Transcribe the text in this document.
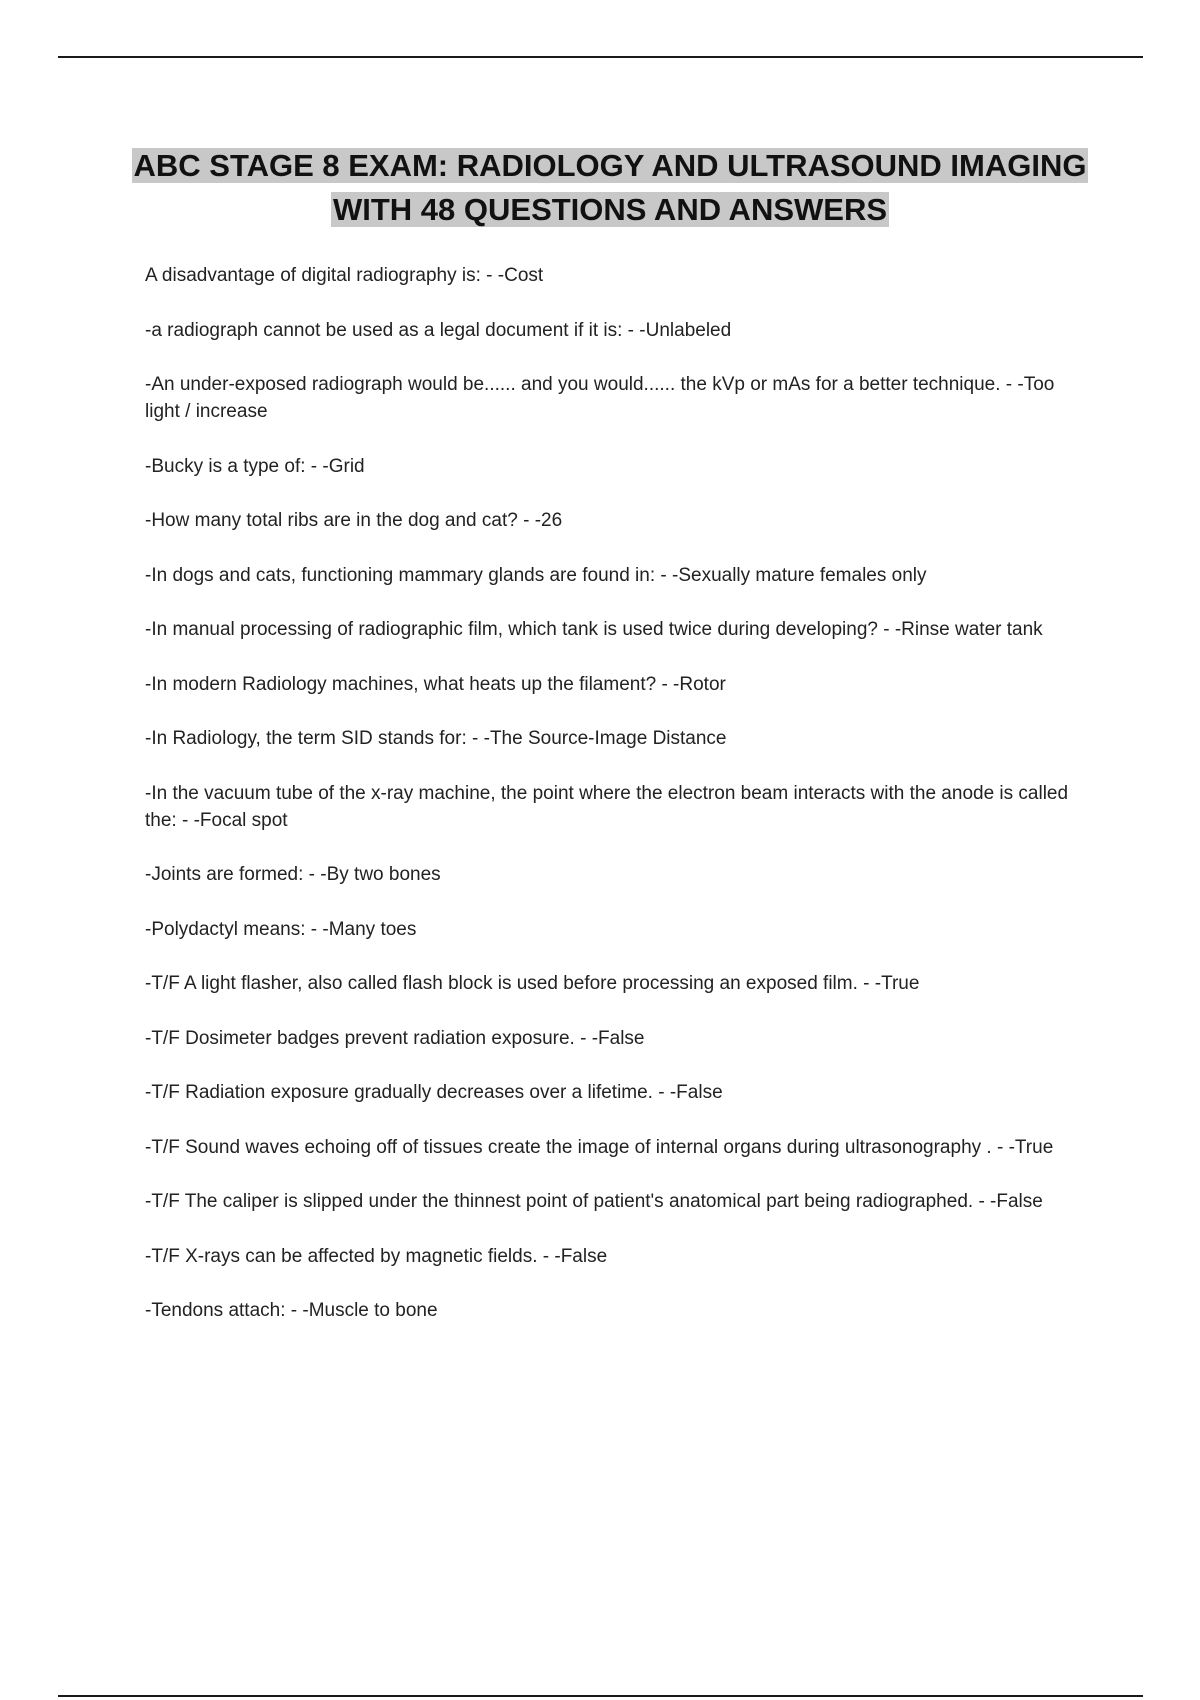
ABC STAGE 8 EXAM: RADIOLOGY AND ULTRASOUND IMAGING
WITH 48 QUESTIONS AND ANSWERS
A disadvantage of digital radiography is: - -Cost
-a radiograph cannot be used as a legal document if it is: - -Unlabeled
-An under-exposed radiograph would be...... and you would...... the kVp or mAs for a better technique. - -Too light / increase
-Bucky is a type of: - -Grid
-How many total ribs are in the dog and cat? - -26
-In dogs and cats, functioning mammary glands are found in: - -Sexually mature females only
-In manual processing of radiographic film, which tank is used twice during developing? - -Rinse water tank
-In modern Radiology machines, what heats up the filament? - -Rotor
-In Radiology, the term SID stands for: - -The Source-Image Distance
-In the vacuum tube of the x-ray machine, the point where the electron beam interacts with the anode is called the: - -Focal spot
-Joints are formed: - -By two bones
-Polydactyl means: - -Many toes
-T/F A light flasher, also called flash block is used before processing an exposed film. - -True
-T/F Dosimeter badges prevent radiation exposure. - -False
-T/F Radiation exposure gradually decreases over a lifetime. - -False
-T/F Sound waves echoing off of tissues create the image of internal organs during ultrasonography . - -True
-T/F The caliper is slipped under the thinnest point of patient's anatomical part being radiographed. - -False
-T/F X-rays can be affected by magnetic fields. - -False
-Tendons attach: - -Muscle to bone
